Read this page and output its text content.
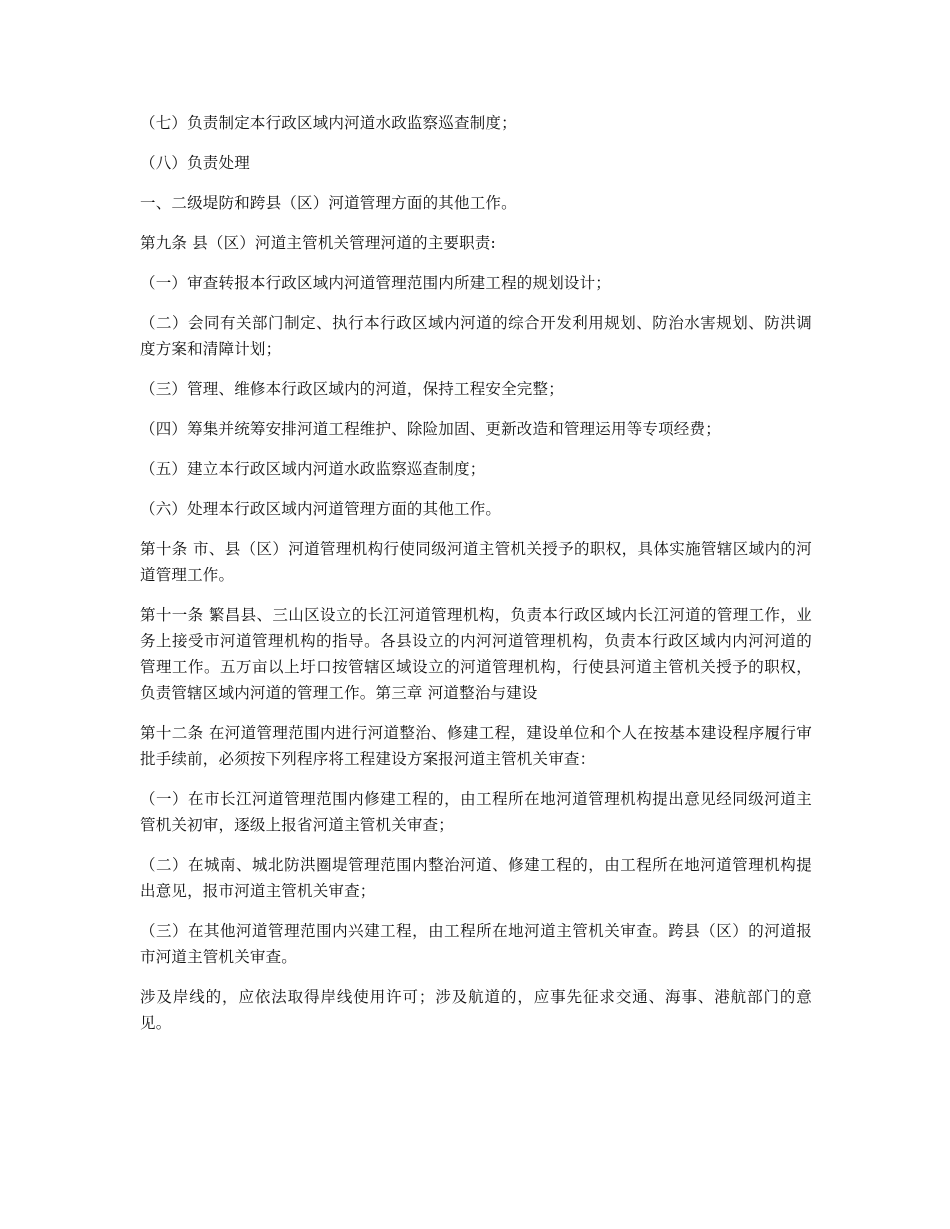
（七）负责制定本行政区域内河道水政监察巡查制度；

（八）负责处理

一、二级堤防和跨县（区）河道管理方面的其他工作。

第九条 县（区）河道主管机关管理河道的主要职责:

（一）审查转报本行政区域内河道管理范围内所建工程的规划设计；

（二）会同有关部门制定、执行本行政区域内河道的综合开发利用规划、防治水害规划、防洪调度方案和清障计划；

（三）管理、维修本行政区域内的河道，保持工程安全完整；

（四）筹集并统筹安排河道工程维护、除险加固、更新改造和管理运用等专项经费；

（五）建立本行政区域内河道水政监察巡查制度；

（六）处理本行政区域内河道管理方面的其他工作。

第十条 市、县（区）河道管理机构行使同级河道主管机关授予的职权，具体实施管辖区域内的河道管理工作。

第十一条 繁昌县、三山区设立的长江河道管理机构，负责本行政区域内长江河道的管理工作，业务上接受市河道管理机构的指导。各县设立的内河河道管理机构，负责本行政区域内内河河道的管理工作。五万亩以上圩口按管辖区域设立的河道管理机构，行使县河道主管机关授予的职权，负责管辖区域内河道的管理工作。第三章 河道整治与建设

第十二条 在河道管理范围内进行河道整治、修建工程，建设单位和个人在按基本建设程序履行审批手续前，必须按下列程序将工程建设方案报河道主管机关审查：

（一）在市长江河道管理范围内修建工程的，由工程所在地河道管理机构提出意见经同级河道主管机关初审，逐级上报省河道主管机关审查；

（二）在城南、城北防洪圈堤管理范围内整治河道、修建工程的，由工程所在地河道管理机构提出意见，报市河道主管机关审查；

（三）在其他河道管理范围内兴建工程，由工程所在地河道主管机关审查。跨县（区）的河道报市河道主管机关审查。

涉及岸线的，应依法取得岸线使用许可；涉及航道的，应事先征求交通、海事、港航部门的意见。
